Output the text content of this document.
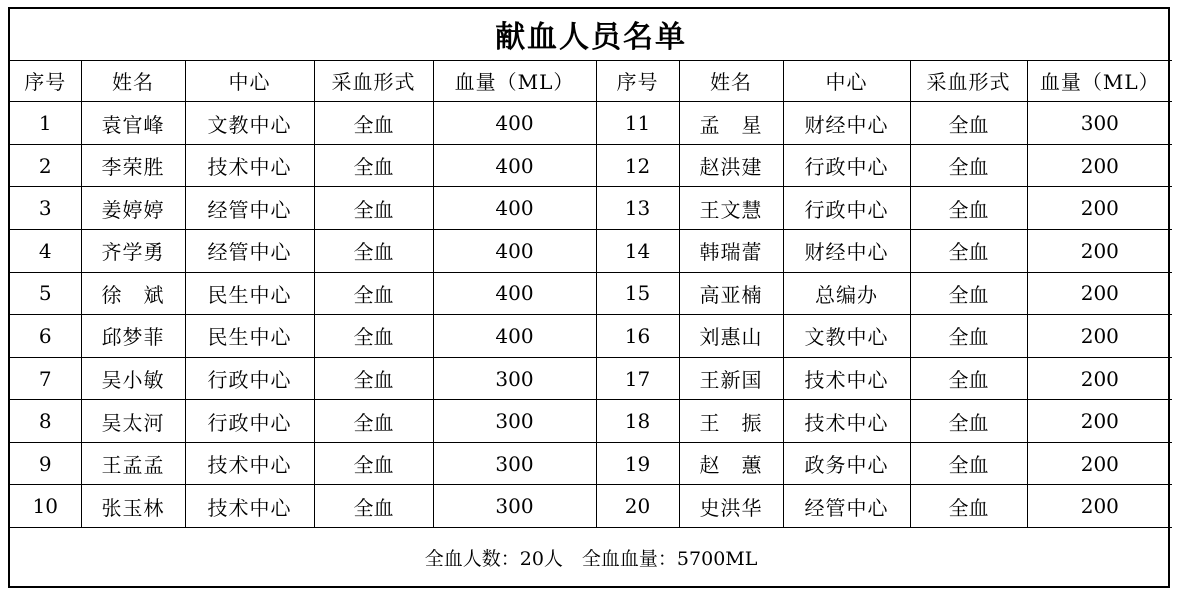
献血人员名单									
序号	姓名	中心	采血形式	血量（ML）	序号	姓名	中心	采血形式	血量（ML）
1	袁官峰	文教中心	全血	400	11	孟　星	财经中心	全血	300
2	李荣胜	技术中心	全血	400	12	赵洪建	行政中心	全血	200
3	姜婷婷	经管中心	全血	400	13	王文慧	行政中心	全血	200
4	齐学勇	经管中心	全血	400	14	韩瑞蕾	财经中心	全血	200
5	徐　斌	民生中心	全血	400	15	高亚楠	总编办	全血	200
6	邱梦菲	民生中心	全血	400	16	刘惠山	文教中心	全血	200
7	吴小敏	行政中心	全血	300	17	王新国	技术中心	全血	200
8	吴太河	行政中心	全血	300	18	王　振	技术中心	全血	200
9	王孟孟	技术中心	全血	300	19	赵　蕙	政务中心	全血	200
10	张玉林	技术中心	全血	300	20	史洪华	经管中心	全血	200
全血人数：20人　全血血量：5700ML									
